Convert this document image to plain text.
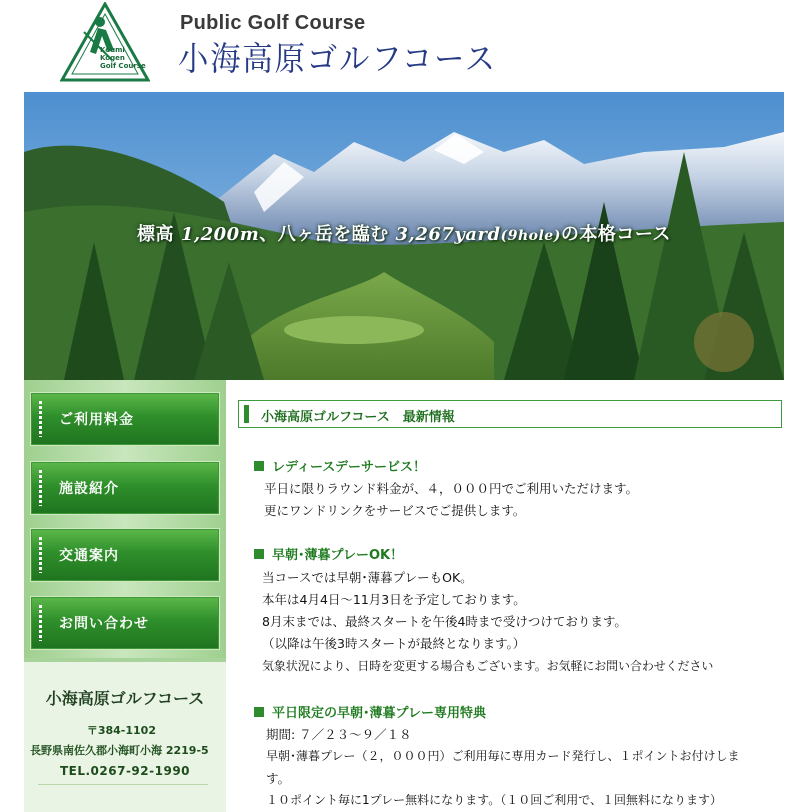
Koumi
Kogen
Golf Course
Public Golf Course
小海高原ゴルフコース
標高 1,200m、八ヶ岳を臨む 3,267yard(9hole)の本格コース
ご利用料金
施設紹介
交通案内
お問い合わせ
小海高原ゴルフコース
〒384-1102
長野県南佐久郡小海町小海 2219-5
TEL.0267-92-1990
小海高原ゴルフコース　最新情報
レディースデーサービス！
平日に限りラウンド料金が、４，０００円でご利用いただけます。
更にワンドリンクをサービスでご提供します。
早朝･薄暮プレーOK！
当コースでは早朝･薄暮プレーもOK。
本年は4月4日～11月3日を予定しております。
8月末までは、最終スタートを午後4時まで受けつけております。
（以降は午後3時スタートが最終となります。）
気象状況により、日時を変更する場合もございます。お気軽にお問い合わせください
平日限定の早朝･薄暮プレー専用特典
期間: ７／２３～９／１８
早朝･薄暮プレー（２，０００円）ご利用毎に専用カード発行し、１ポイントお付けしま
す。
１０ポイント毎に1プレー無料になります。（１０回ご利用で、１回無料になります）
